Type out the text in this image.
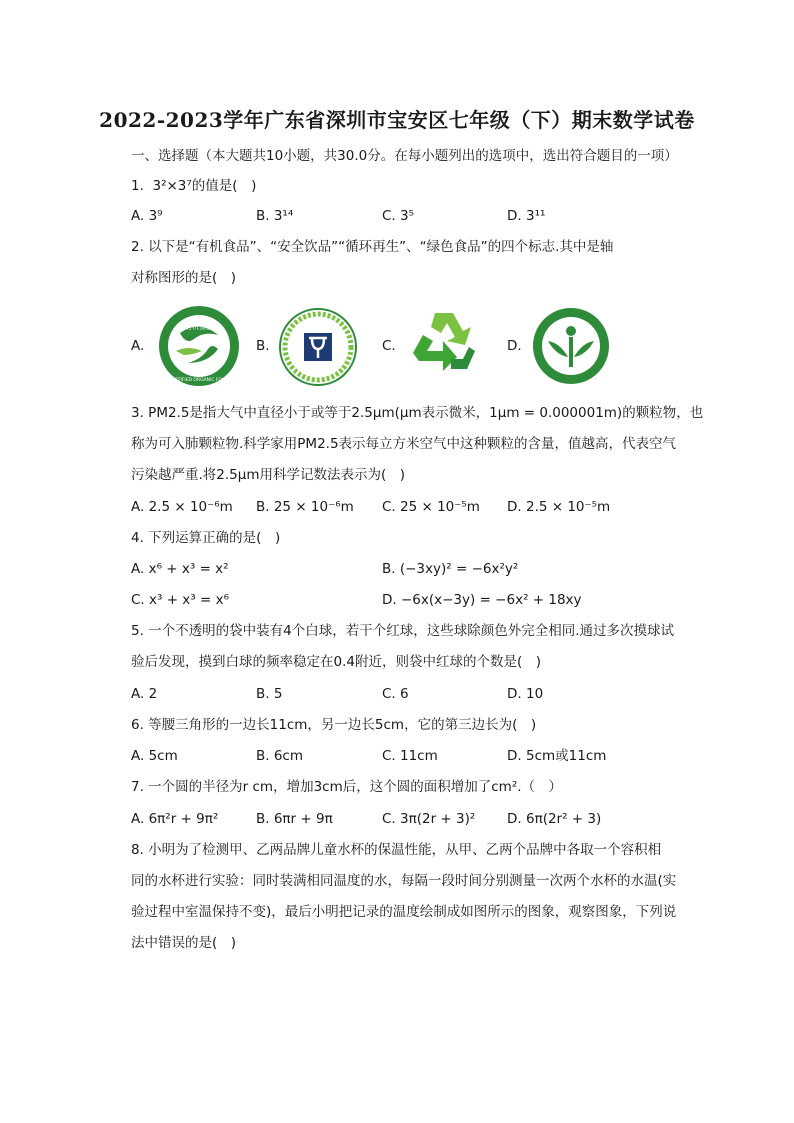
2022-2023学年广东省深圳市宝安区七年级（下）期末数学试卷
一、选择题（本大题共10小题，共30.0分。在每小题列出的选项中，选出符合题目的一项）
1. 3²×3⁷的值是(　)
A. 3⁹	B. 3¹⁴	C. 3⁵	D. 3¹¹
2. 以下是“有机食品”、“安全饮品”“循环再生”、“绿色食品”的四个标志.其中是轴
对称图形的是(　)
A.
有机食品
CERTIFIED ORGANIC FOOD
B.	C.	D.
3. PM2.5是指大气中直径小于或等于2.5μm(μm表示微米，1μm = 0.000001m)的颗粒物，也
称为可入肺颗粒物.科学家用PM2.5表示每立方米空气中这种颗粒的含量，值越高，代表空气
污染越严重.将2.5μm用科学记数法表示为(　)
A. 2.5 × 10⁻⁶m B. 25 × 10⁻⁶m C. 25 × 10⁻⁵m D. 2.5 × 10⁻⁵m
4. 下列运算正确的是(　)
A. x⁶ + x³ = x²	B. (−3xy)² = −6x²y²
C. x³ + x³ = x⁶	D. −6x(x−3y) = −6x² + 18xy
5. 一个不透明的袋中装有4个白球，若干个红球，这些球除颜色外完全相同.通过多次摸球试
验后发现，摸到白球的频率稳定在0.4附近，则袋中红球的个数是(　)
A. 2	B. 5	C. 6	D. 10
6. 等腰三角形的一边长11cm，另一边长5cm，它的第三边长为(　)
A. 5cm	B. 6cm	C. 11cm	D. 5cm或11cm
7. 一个圆的半径为r cm，增加3cm后，这个圆的面积增加了cm².（　）
A. 6π²r + 9π²	B. 6πr + 9π	C. 3π(2r + 3)² D. 6π(2r² + 3)
8. 小明为了检测甲、乙两品牌儿童水杯的保温性能，从甲、乙两个品牌中各取一个容积相
同的水杯进行实验：同时装满相同温度的水，每隔一段时间分别测量一次两个水杯的水温(实
验过程中室温保持不变)，最后小明把记录的温度绘制成如图所示的图象，观察图象，下列说
法中错误的是(　)
